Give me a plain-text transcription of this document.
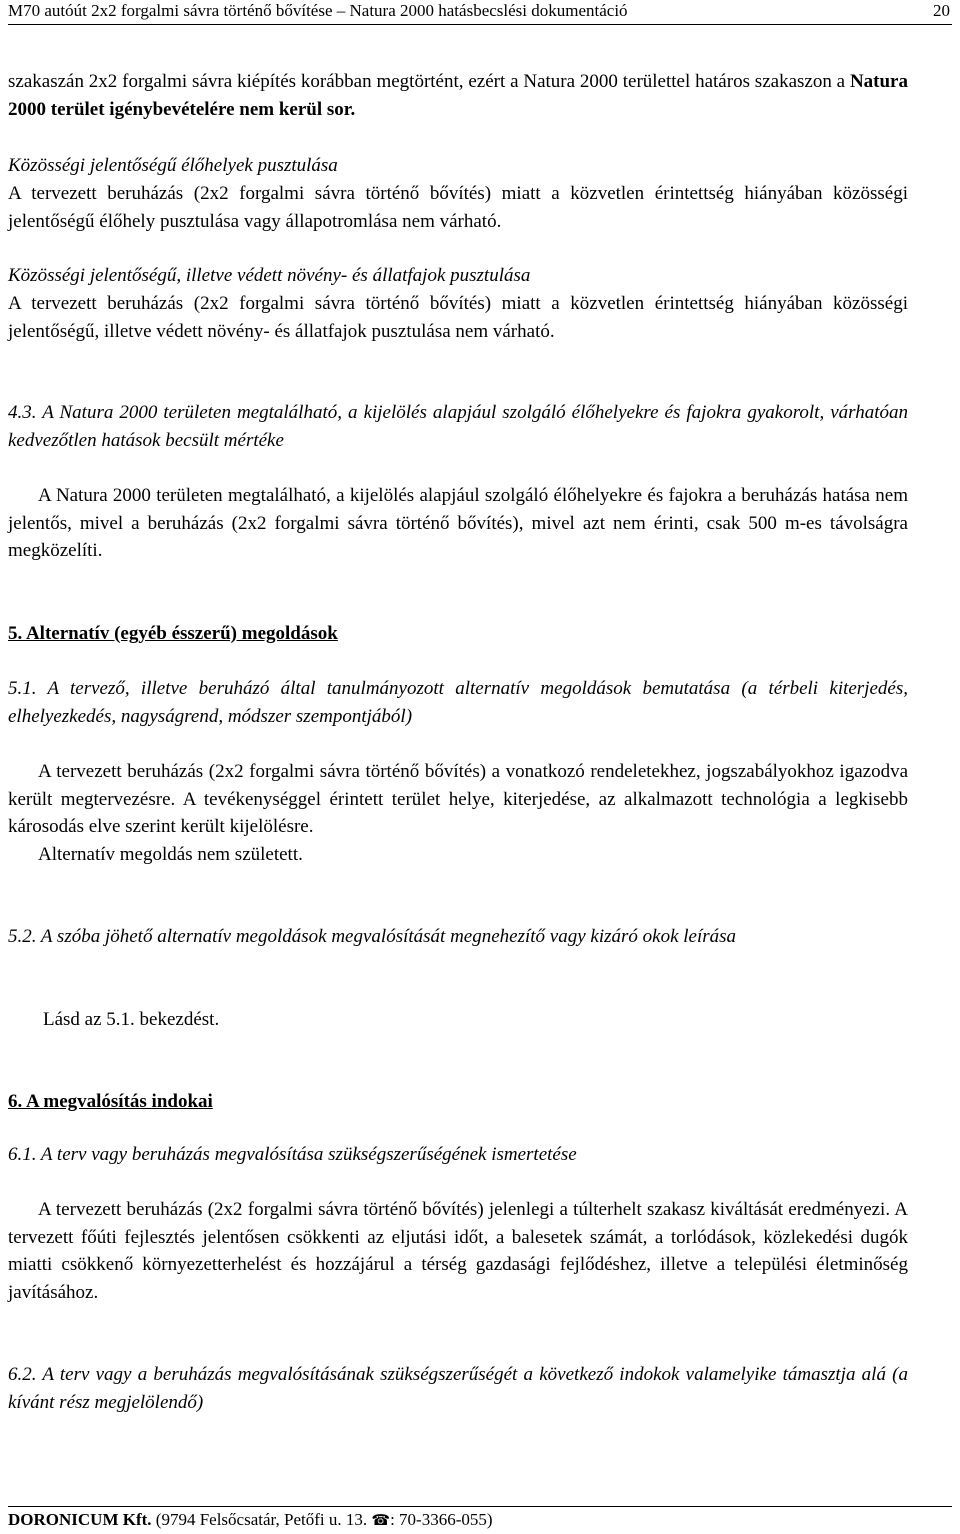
M70 autóút 2x2 forgalmi sávra történő bővítése – Natura 2000 hatásbecslési dokumentáció	20
szakaszán 2x2 forgalmi sávra kiépítés korábban megtörtént, ezért a Natura 2000 területtel határos szakaszon a Natura 2000 terület igénybevételére nem kerül sor.
Közösségi jelentőségű élőhelyek pusztulása
A tervezett beruházás (2x2 forgalmi sávra történő bővítés) miatt a közvetlen érintettség hiányában közösségi jelentőségű élőhely pusztulása vagy állapotromlása nem várható.
Közösségi jelentőségű, illetve védett növény- és állatfajok pusztulása
A tervezett beruházás (2x2 forgalmi sávra történő bővítés) miatt a közvetlen érintettség hiányában közösségi jelentőségű, illetve védett növény- és állatfajok pusztulása nem várható.
4.3. A Natura 2000 területen megtalálható, a kijelölés alapjául szolgáló élőhelyekre és fajokra gyakorolt, várhatóan kedvezőtlen hatások becsült mértéke
A Natura 2000 területen megtalálható, a kijelölés alapjául szolgáló élőhelyekre és fajokra a beruházás hatása nem jelentős, mivel a beruházás (2x2 forgalmi sávra történő bővítés), mivel azt nem érinti, csak 500 m-es távolságra megközelíti.
5. Alternatív (egyéb ésszerű) megoldások
5.1. A tervező, illetve beruházó által tanulmányozott alternatív megoldások bemutatása (a térbeli kiterjedés, elhelyezkedés, nagyságrend, módszer szempontjából)
A tervezett beruházás (2x2 forgalmi sávra történő bővítés) a vonatkozó rendeletekhez, jogszabályokhoz igazodva került megtervezésre. A tevékenységgel érintett terület helye, kiterjedése, az alkalmazott technológia a legkisebb károsodás elve szerint került kijelölésre.
Alternatív megoldás nem született.
5.2. A szóba jöhető alternatív megoldások megvalósítását megnehezítő vagy kizáró okok leírása
Lásd az 5.1. bekezdést.
6. A megvalósítás indokai
6.1. A terv vagy beruházás megvalósítása szükségszerűségének ismertetése
A tervezett beruházás (2x2 forgalmi sávra történő bővítés) jelenlegi a túlterhelt szakasz kiváltását eredményezi. A tervezett főúti fejlesztés jelentősen csökkenti az eljutási időt, a balesetek számát, a torlódások, közlekedési dugók miatti csökkenő környezetterhelést és hozzájárul a térség gazdasági fejlődéshez, illetve a települési életminőség javításához.
6.2. A terv vagy a beruházás megvalósításának szükségszerűségét a következő indokok valamelyike támasztja alá (a kívánt rész megjelölendő)
DORONICUM Kft. (9794 Felsőcsatár, Petőfi u. 13. ☎: 70-3366-055)
